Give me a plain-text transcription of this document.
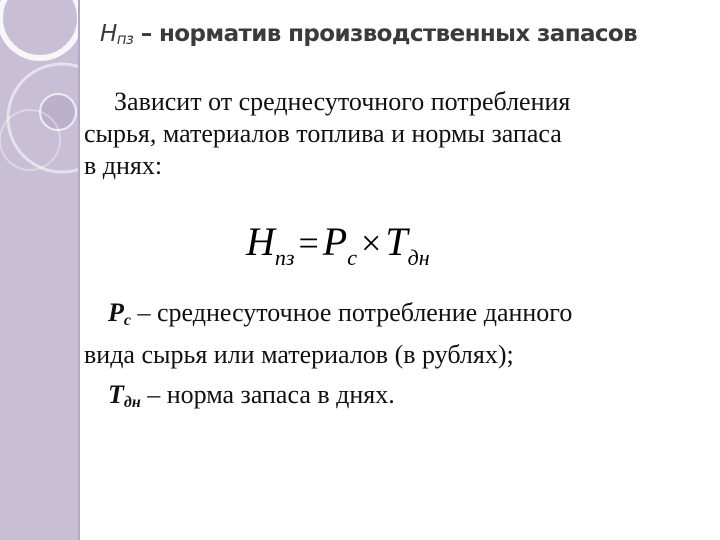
$Н_{пз}$ – норматив производственных запасов
Зависит от среднесуточного потребления
сырья, материалов топлива и нормы запаса
в днях:
Нпз = Рс × Тдн
$Р_с$ – среднесуточное потребление данного
вида сырья или материалов (в рублях);
$Т_{дн}$ – норма запаса в днях.
